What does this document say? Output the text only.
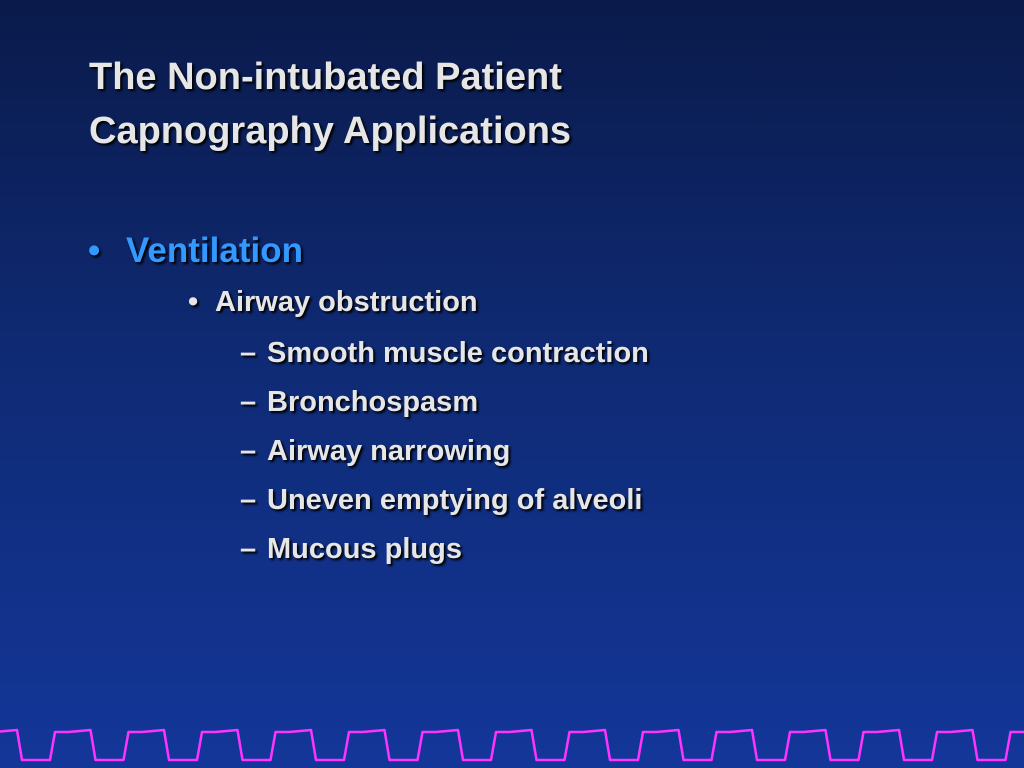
The Non-intubated Patient
Capnography Applications
• Ventilation
• Airway obstruction
– Smooth muscle contraction
– Bronchospasm
– Airway narrowing
– Uneven emptying of alveoli
– Mucous plugs
